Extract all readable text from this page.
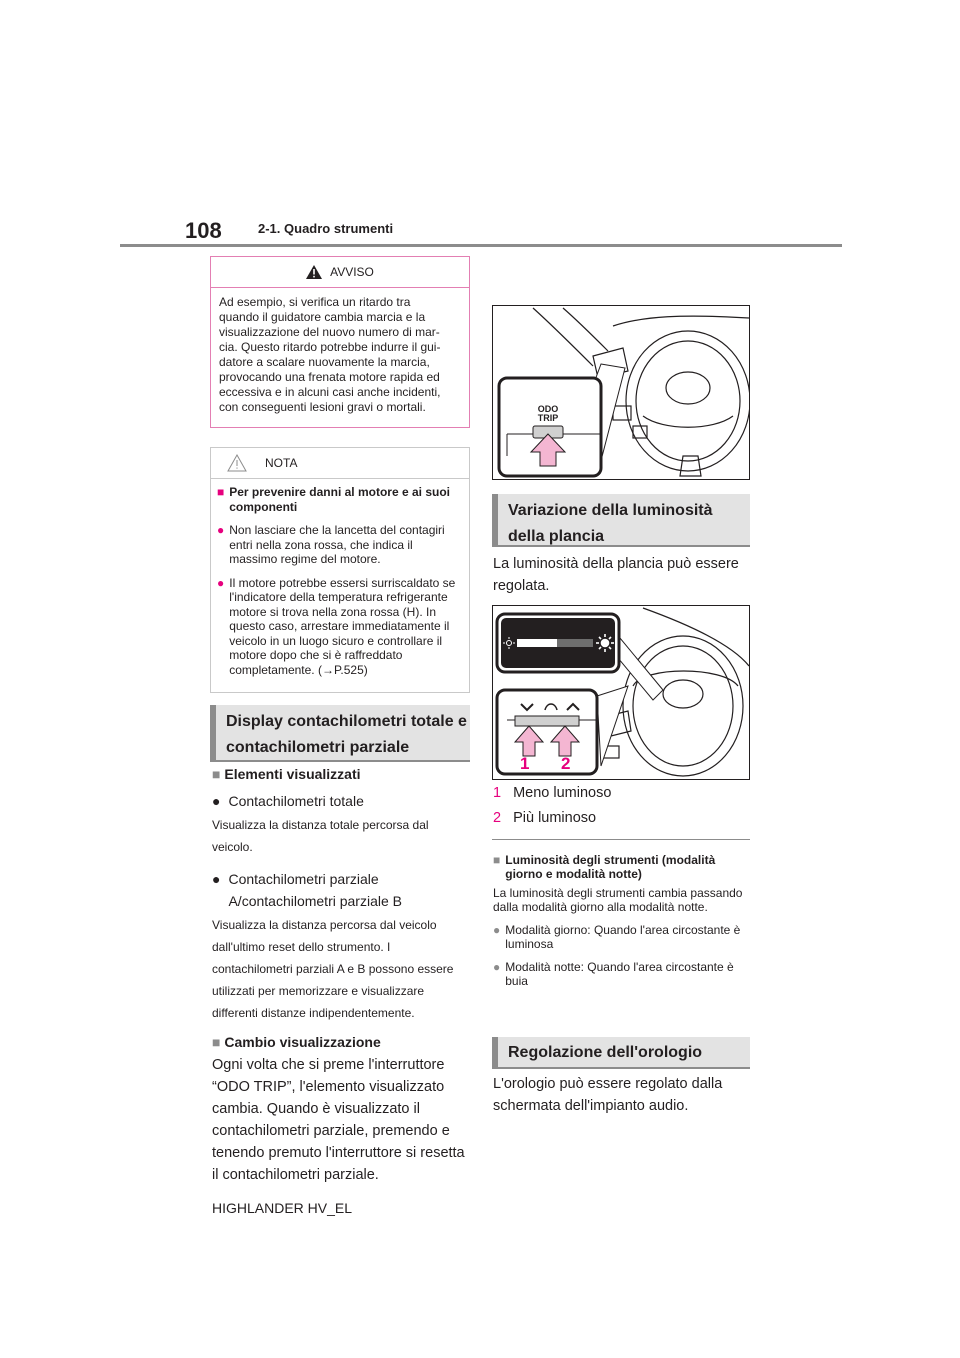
108	2-1. Quadro strumenti
AVVISO
Ad esempio, si verifica un ritardo tra
quando il guidatore cambia marcia e la
visualizzazione del nuovo numero di mar-
cia. Questo ritardo potrebbe indurre il gui-
datore a scalare nuovamente la marcia,
provocando una frenata motore rapida ed
eccessiva e in alcuni casi anche incidenti,
con conseguenti lesioni gravi o mortali.
NOTA
■ Per prevenire danni al motore e ai suoi componenti
● Non lasciare che la lancetta del contagiri entri nella zona rossa, che indica il massimo regime del motore.
● Il motore potrebbe essersi surriscaldato se l'indicatore della temperatura refrigerante motore si trova nella zona rossa (H). In questo caso, arrestare immediatamente il veicolo in un luogo sicuro e controllare il motore dopo che si è raffreddato completamente. (→P.525)
Display contachilometri totale e contachilometri parziale
■ Elementi visualizzati
● Contachilometri totale
Visualizza la distanza totale percorsa dal veicolo.
● Contachilometri parziale A/contachilometri parziale B
Visualizza la distanza percorsa dal veicolo dall'ultimo reset dello strumento. I contachilometri parziali A e B possono essere utilizzati per memorizzare e visualizzare differenti distanze indipendentemente.
■ Cambio visualizzazione
Ogni volta che si preme l'interruttore “ODO TRIP”, l'elemento visualizzato cambia. Quando è visualizzato il contachilometri parziale, premendo e tenendo premuto l'interruttore si resetta il contachilometri parziale.
ODO
TRIP
Variazione della luminosità della plancia
La luminosità della plancia può essere regolata.
1 2
1 Meno luminoso
2 Più luminoso
■ Luminosità degli strumenti (modalità giorno e modalità notte)
La luminosità degli strumenti cambia passando dalla modalità giorno alla modalità notte.
● Modalità giorno: Quando l'area circostante è luminosa
● Modalità notte: Quando l'area circostante è buia
Regolazione dell'orologio
L'orologio può essere regolato dalla schermata dell'impianto audio.
HIGHLANDER HV_EL
